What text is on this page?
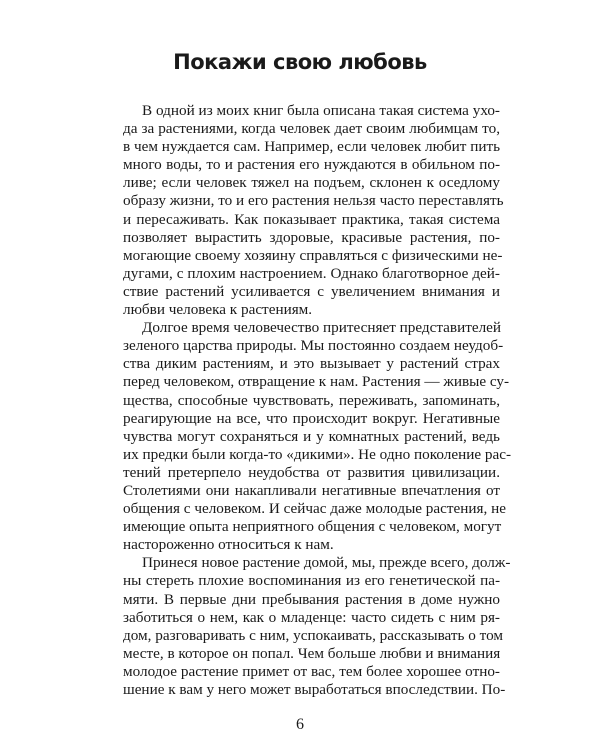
Покажи свою любовь
В одной из моих книг была описана такая система ухо-
да за растениями, когда человек дает своим любимцам то,
в чем нуждается сам. Например, если человек любит пить
много воды, то и растения его нуждаются в обильном по-
ливе; если человек тяжел на подъем, склонен к оседлому
образу жизни, то и его растения нельзя часто переставлять
и пересаживать. Как показывает практика, такая система
позволяет вырастить здоровые, красивые растения, по-
могающие своему хозяину справляться с физическими не-
дугами, с плохим настроением. Однако благотворное дей-
ствие растений усиливается с увеличением внимания и
любви человека к растениям.
Долгое время человечество притесняет представителей
зеленого царства природы. Мы постоянно создаем неудоб-
ства диким растениям, и это вызывает у растений страх
перед человеком, отвращение к нам. Растения — живые су-
щества, способные чувствовать, переживать, запоминать,
реагирующие на все, что происходит вокруг. Негативные
чувства могут сохраняться и у комнатных растений, ведь
их предки были когда-то «дикими». Не одно поколение рас-
тений претерпело неудобства от развития цивилизации.
Столетиями они накапливали негативные впечатления от
общения с человеком. И сейчас даже молодые растения, не
имеющие опыта неприятного общения с человеком, могут
настороженно относиться к нам.
Принеся новое растение домой, мы, прежде всего, долж-
ны стереть плохие воспоминания из его генетической па-
мяти. В первые дни пребывания растения в доме нужно
заботиться о нем, как о младенце: часто сидеть с ним ря-
дом, разговаривать с ним, успокаивать, рассказывать о том
месте, в которое он попал. Чем больше любви и внимания
молодое растение примет от вас, тем более хорошее отно-
шение к вам у него может выработаться впоследствии. По-
6
